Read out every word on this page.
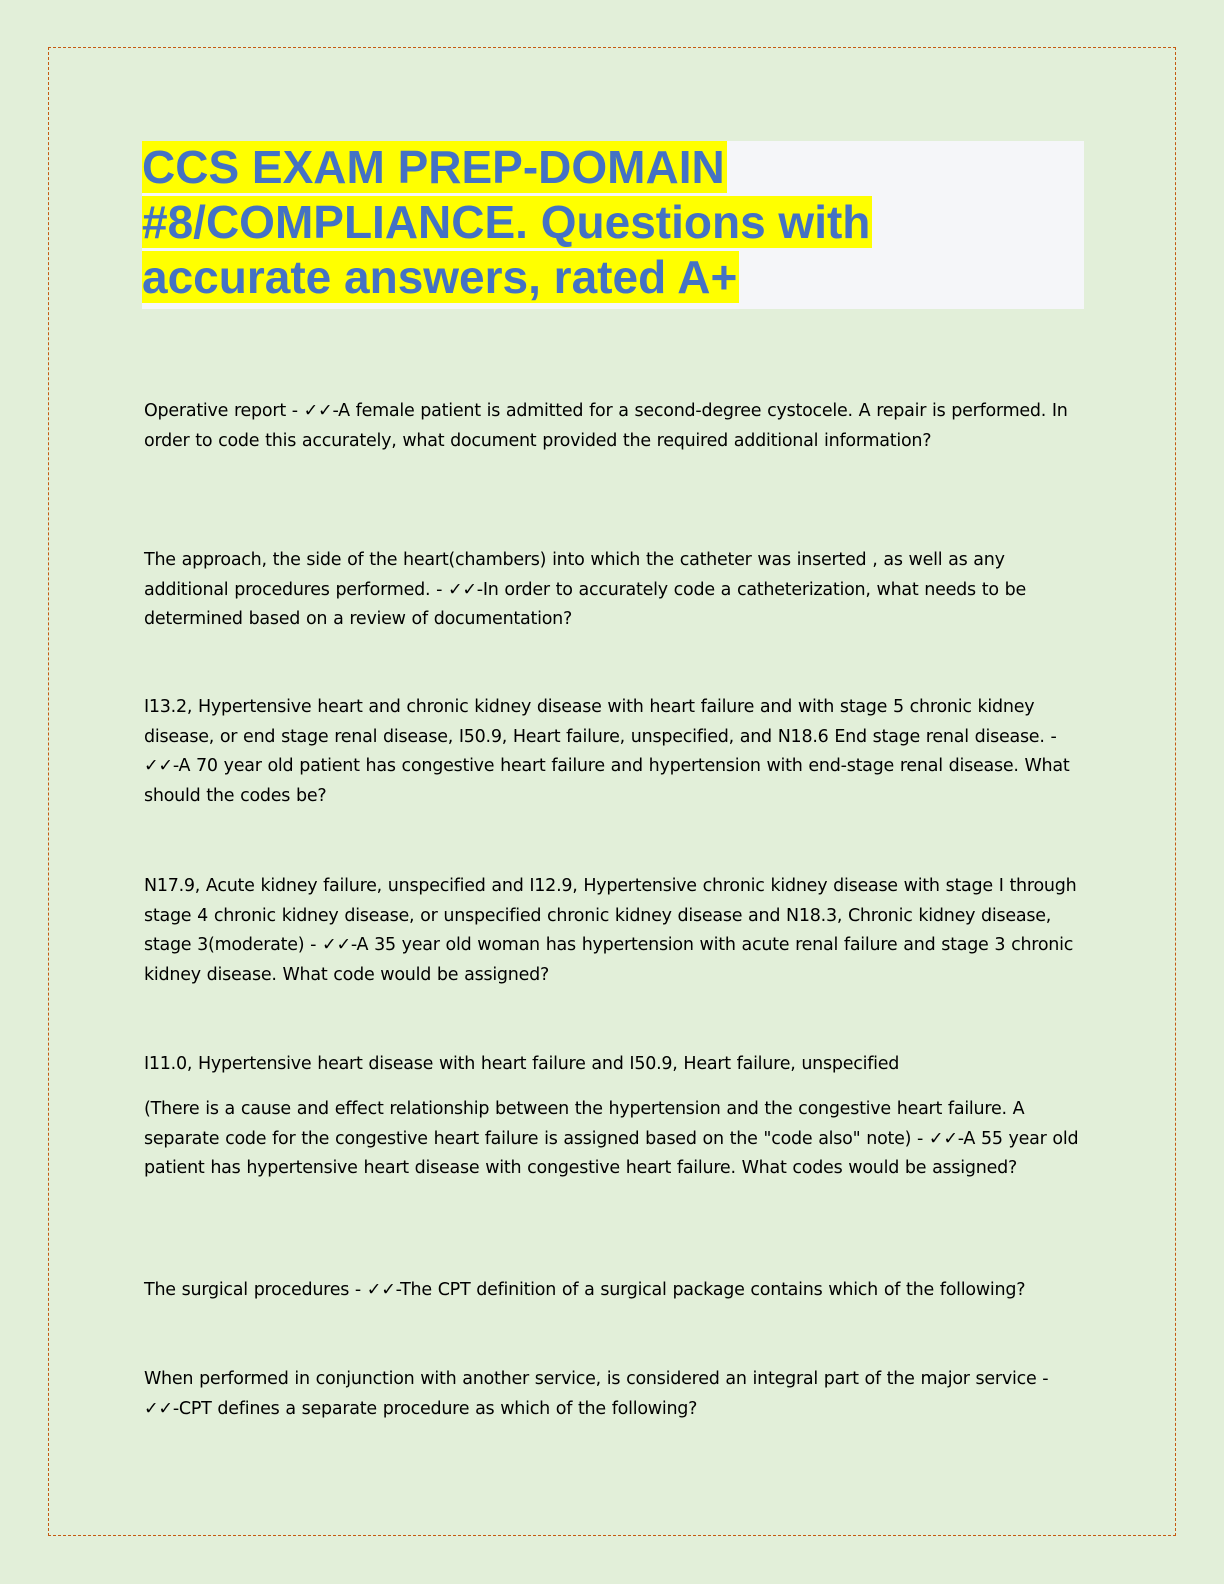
CCS EXAM PREP-DOMAIN
#8/COMPLIANCE. Questions with
accurate answers, rated A+

Operative report - ✓✓-A female patient is admitted for a second-degree cystocele. A repair is performed. In order to code this accurately, what document provided the required additional information?

The approach, the side of the heart(chambers) into which the catheter was inserted , as well as any additional procedures performed. - ✓✓-In order to accurately code a catheterization, what needs to be determined based on a review of documentation?

I13.2, Hypertensive heart and chronic kidney disease with heart failure and with stage 5 chronic kidney disease, or end stage renal disease, I50.9, Heart failure, unspecified, and N18.6 End stage renal disease. - ✓✓-A 70 year old patient has congestive heart failure and hypertension with end-stage renal disease. What should the codes be?

N17.9, Acute kidney failure, unspecified and I12.9, Hypertensive chronic kidney disease with stage I through stage 4 chronic kidney disease, or unspecified chronic kidney disease and N18.3, Chronic kidney disease, stage 3(moderate) - ✓✓-A 35 year old woman has hypertension with acute renal failure and stage 3 chronic kidney disease. What code would be assigned?

I11.0, Hypertensive heart disease with heart failure and I50.9, Heart failure, unspecified

(There is a cause and effect relationship between the hypertension and the congestive heart failure. A separate code for the congestive heart failure is assigned based on the "code also" note) - ✓✓-A 55 year old patient has hypertensive heart disease with congestive heart failure. What codes would be assigned?

The surgical procedures - ✓✓-The CPT definition of a surgical package contains which of the following?

When performed in conjunction with another service, is considered an integral part of the major service - ✓✓-CPT defines a separate procedure as which of the following?
